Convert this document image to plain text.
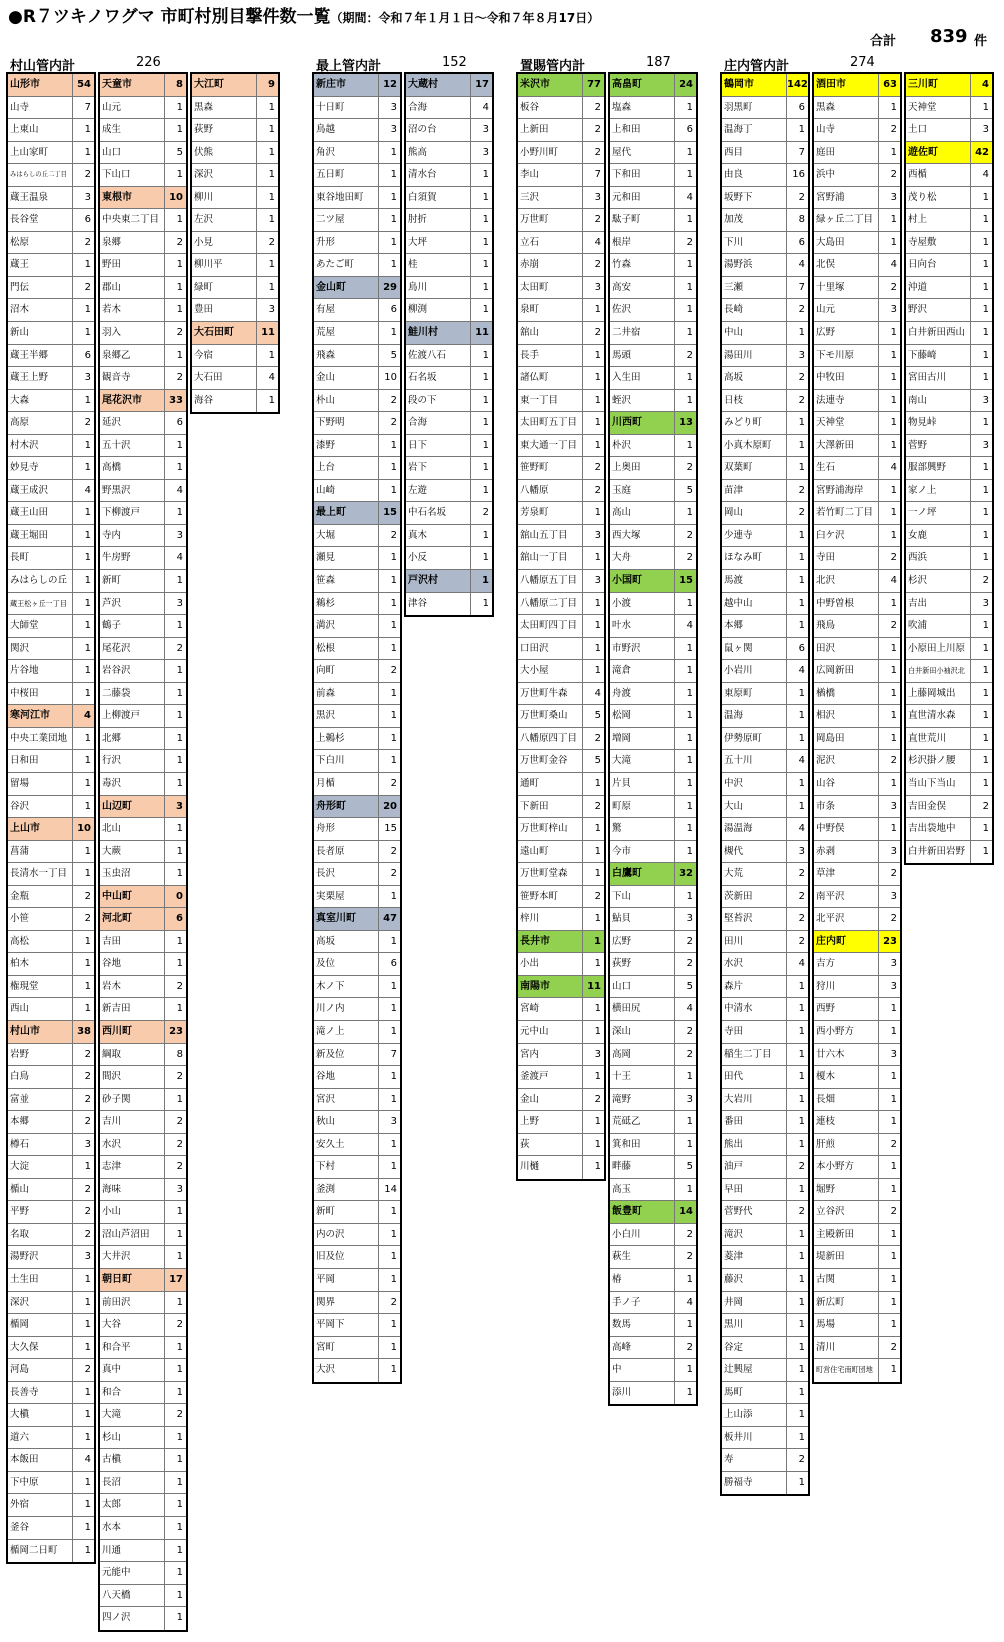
●R７ツキノワグマ 市町村別目撃件数一覧（期間：令和７年１月１日～令和７年８月17日）
合計 839 件
村山管内計	226	最上管内計	152	置賜管内計	187	庄内管内計	274
山形市	54
山寺	7
上東山	1
上山家町	1
みはらしの丘二丁目	2
蔵王温泉	3
長谷堂	6
松原	2
蔵王	1
門伝	2
沼木	1
新山	1
蔵王半郷	6
蔵王上野	3
大森	1
高原	2
村木沢	1
妙見寺	1
蔵王成沢	4
蔵王山田	1
蔵王堀田	1
長町	1
みはらしの丘	1
蔵王松ヶ丘一丁目	1
大師堂	1
関沢	1
片谷地	1
中桜田	1
寒河江市	4
中央工業団地	1
日和田	1
留場	1
谷沢	1
上山市	10
菖蒲	1
長清水一丁目	1
金瓶	2
小笹	2
高松	1
柏木	1
権現堂	1
西山	1
村山市	38
岩野	2
白鳥	2
富並	2
本郷	2
樽石	3
大淀	1
楯山	2
平野	2
名取	2
湯野沢	3
土生田	1
深沢	1
楯岡	1
大久保	1
河島	2
長善寺	1
大槇	1
道六	1
本飯田	4
下中原	1
外宿	1
釜谷	1
楯岡二日町	1
天童市	8
山元	1
成生	1
山口	5
下山口	1
東根市	10
中央東二丁目	1
泉郷	2
野田	1
郡山	1
若木	1
羽入	2
泉郷乙	1
観音寺	2
尾花沢市	33
延沢	6
五十沢	1
高橋	1
野黒沢	4
下柳渡戸	1
寺内	3
牛房野	4
新町	1
芦沢	3
鶴子	1
尾花沢	2
岩谷沢	1
二藤袋	1
上柳渡戸	1
北郷	1
行沢	1
毒沢	1
山辺町	3
北山	1
大蕨	1
玉虫沼	1
中山町	0
河北町	6
吉田	1
谷地	1
岩木	2
新吉田	1
西川町	23
綱取	8
間沢	2
砂子関	1
吉川	2
水沢	2
志津	2
海味	3
小山	1
沼山芦沼田	1
大井沢	1
朝日町	17
前田沢	1
大谷	2
和合平	1
真中	1
和合	1
大滝	2
杉山	1
古槇	1
長沼	1
太郎	1
水本	1
川通	1
元能中	1
八天橋	1
四ノ沢	1
大江町	9
黒森	1
荻野	1
伏熊	1
深沢	1
柳川	1
左沢	1
小見	2
柳川平	1
緑町	1
豊田	3
大石田町	11
今宿	1
大石田	4
海谷	1
新庄市	12
十日町	3
鳥越	3
角沢	1
五日町	1
東谷地田町	1
二ツ屋	1
升形	1
あたご町	1
金山町	29
有屋	6
荒屋	1
飛森	5
金山	10
朴山	2
下野明	2
漆野	1
上台	1
山崎	1
最上町	15
大堀	2
瀬見	1
笹森	1
鵜杉	1
満沢	1
松根	1
向町	2
前森	1
黒沢	1
上鵜杉	1
下白川	1
月楯	2
舟形町	20
舟形	15
長者原	2
長沢	2
実栗屋	1
真室川町	47
高坂	1
及位	6
木ノ下	1
川ノ内	1
滝ノ上	1
新及位	7
谷地	1
宮沢	1
秋山	3
安久土	1
下村	1
釜渕	14
新町	1
内の沢	1
旧及位	1
平岡	1
関界	2
平岡下	1
宮町	1
大沢	1
大蔵村	17
合海	4
沼の台	3
熊高	3
清水台	1
白須賀	1
肘折	1
大坪	1
桂	1
鳥川	1
柳渕	1
鮭川村	11
佐渡八石	1
石名坂	1
段の下	1
合海	1
日下	1
岩下	1
左遊	1
中石名坂	2
真木	1
小反	1
戸沢村	1
津谷	1
米沢市	77
板谷	2
上新田	2
小野川町	2
李山	7
三沢	3
万世町	2
立石	4
赤崩	2
太田町	3
泉町	1
舘山	2
長手	1
諸仏町	1
東一丁目	1
太田町五丁目	1
東大通一丁目	1
笹野町	2
八幡原	2
芳泉町	1
舘山五丁目	3
舘山一丁目	1
八幡原五丁目	3
八幡原二丁目	1
太田町四丁目	1
口田沢	1
大小屋	1
万世町牛森	4
万世町桑山	5
八幡原四丁目	2
万世町金谷	5
通町	1
下新田	2
万世町梓山	1
遠山町	1
万世町堂森	1
笹野本町	2
梓川	1
長井市	1
小出	1
南陽市	11
宮崎	1
元中山	1
宮内	3
釜渡戸	1
金山	2
上野	1
荻	1
川樋	1
高畠町	24
塩森	1
上和田	6
屋代	1
下和田	1
元和田	4
駄子町	1
根岸	2
竹森	1
高安	1
佐沢	1
二井宿	1
馬頭	2
入生田	1
蛭沢	1
川西町	13
朴沢	1
上奥田	2
玉庭	5
高山	1
西大塚	2
大舟	2
小国町	15
小渡	1
叶水	4
市野沢	1
滝倉	1
舟渡	1
松岡	1
増岡	1
大滝	1
片貝	1
町原	1
驚	1
今市	1
白鷹町	32
下山	1
鮎貝	3
広野	2
荻野	2
山口	5
横田尻	4
深山	2
高岡	2
十王	1
滝野	3
荒砥乙	1
箕和田	1
畔藤	5
高玉	1
飯豊町	14
小白川	2
萩生	2
椿	1
手ノ子	4
数馬	1
高峰	2
中	1
添川	1
鶴岡市	142
羽黒町	6
温海丁	1
西目	7
由良	16
坂野下	2
加茂	8
下川	6
湯野浜	4
三瀬	7
長崎	2
中山	1
湯田川	3
高坂	2
日枝	2
みどり町	1
小真木原町	1
双葉町	1
苗津	2
岡山	2
少連寺	1
ほなみ町	1
馬渡	1
越中山	1
本郷	1
鼠ヶ関	6
小岩川	4
東原町	1
温海	1
伊勢原町	1
五十川	4
中沢	1
大山	1
湯温海	4
槻代	3
大荒	2
茨新田	2
堅苔沢	2
田川	2
水沢	4
森片	1
中清水	1
寺田	1
稲生二丁目	1
田代	1
大岩川	1
番田	1
熊出	1
油戸	2
早田	1
菅野代	2
滝沢	1
菱津	1
藤沢	1
井岡	1
黒川	1
谷定	1
辻興屋	1
馬町	1
上山添	1
板井川	1
寿	2
勝福寺	1
酒田市	63
黒森	1
山寺	2
庭田	1
浜中	2
宮野浦	3
緑ヶ丘二丁目	1
大島田	1
北俣	4
十里塚	2
山元	3
広野	1
下モ川原	1
中牧田	1
法連寺	1
天神堂	1
大澤新田	1
生石	4
宮野浦海岸	1
若竹町二丁目	1
臼ケ沢	1
寺田	2
北沢	4
中野曽根	1
飛鳥	2
田沢	1
広岡新田	1
楢橋	1
相沢	1
岡島田	1
泥沢	2
山谷	1
市条	3
中野俣	1
赤剥	3
草津	2
南平沢	3
北平沢	2
庄内町	23
吉方	3
狩川	3
西野	1
西小野方	1
廿六木	3
榎木	1
長畑	1
連枝	1
肝煎	2
本小野方	1
堀野	1
立谷沢	2
主殿新田	1
堤新田	1
古関	1
新広町	1
馬場	1
清川	2
町営住宅南町団地	1
三川町	4
天神堂	1
土口	3
遊佐町	42
西楯	4
茂り松	1
村上	1
寺屋敷	1
日向台	1
沖道	1
野沢	1
白井新田西山	1
下藤崎	1
宮田古川	1
南山	3
物見峠	1
菅野	3
服部興野	1
家ノ上	1
一ノ坪	1
女鹿	1
西浜	1
杉沢	2
吉出	3
吹浦	1
小原田上川原	1
白井新田小袖沢北	1
上藤岡城出	1
直世清水森	1
直世荒川	1
杉沢掛ノ腰	1
当山下当山	1
吉田金俣	2
吉出袋地中	1
白井新田岩野	1
